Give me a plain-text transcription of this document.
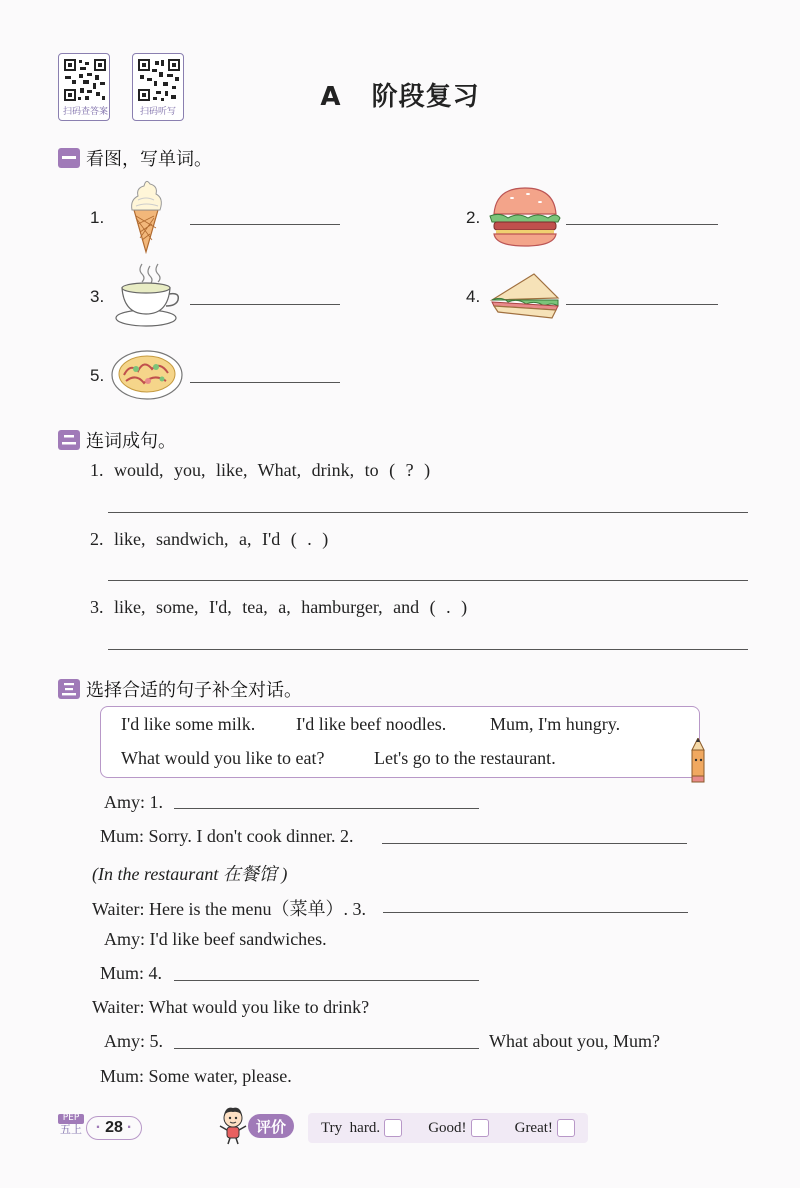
扫码查答案	扫码听写	A   阶段复习
看图，写单词。
1.	2.
3.	4.
5.
连词成句。
1. would, you, like, What, drink, to ( ? )
2. like, sandwich, a, I'd ( . )
3. like, some, I'd, tea, a, hamburger, and ( . )
选择合适的句子补全对话。
I'd like some milk. I'd like beef noodles. Mum, I'm hungry.
What would you like to eat?	Let's go to the restaurant.
Amy: 1.
Mum: Sorry. I don't cook dinner. 2.
(In the restaurant 在餐馆 )
Waiter: Here is the menu（菜单）. 3.
Amy: I'd like beef sandwiches.
Mum: 4.
Waiter: What would you like to drink?
Amy: 5.	What about you, Mum?
Mum: Some water, please.
PEP
五上 · 28 ·	评价	Try  hard.	Good!	Great!
